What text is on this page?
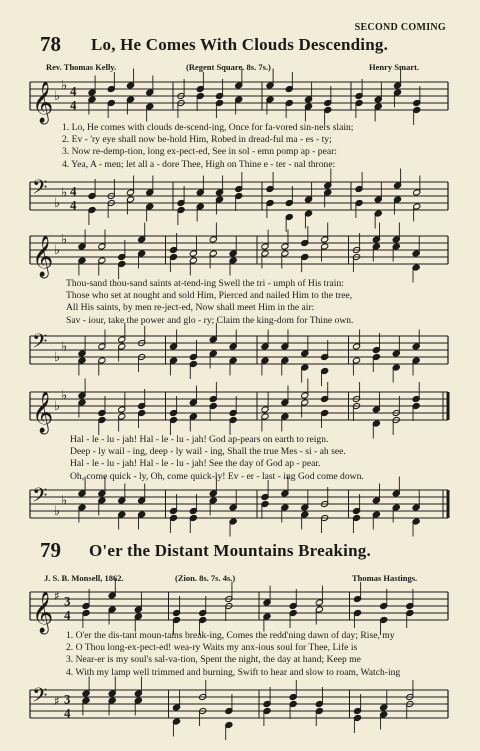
SECOND COMING
78 Lo, He Comes With Clouds Descending.
Rev. Thomas Kelly.	(Regent Square. 8s. 7s.)	Henry Smart.
𝄞 ♭
♭ 4
4
1. Lo, He comes with clouds de-scend-ing, Once for fa-vored sin-ners slain;
2. Ev - 'ry eye shall now be-hold Him, Robed in dread-ful ma - es - ty;
3. Now re-demp-tion, long ex-pect-ed, See in sol - emn pomp ap - pear:
4. Yea, A - men; let all a - dore Thee, High on Thine e - ter - nal throne:
𝄢
♭
♭ 4
4
𝄞 ♭
♭
Thou-sand thou-sand saints at-tend-ing Swell the tri - umph of His train:
Those who set at nought and sold Him, Pierced and nailed Him to the tree,
All His saints, by men re-ject-ed, Now shall meet Him in the air:
Sav - iour, take the power and glo - ry; Claim the king-dom for Thine own.
𝄢
♭
♭
𝄞 ♭
♭
Hal - le - lu - jah! Hal - le - lu - jah! God ap-pears on earth to reign.
Deep - ly wail - ing, deep - ly wail - ing, Shall the true Mes - si - ah see.
Hal - le - lu - jah! Hal - le - lu - jah! See the day of God ap - pear.
Oh, come quick - ly, Oh, come quick-ly! Ev - er - last - ing God come down.
𝄢
♭
♭
79 O'er the Distant Mountains Breaking.
J. S. B. Monsell, 1862.	(Zion. 8s. 7s. 4s.)	Thomas Hastings.
𝄞 ♯ 3
4
1. O'er the dis-tant moun-tains break-ing, Comes the redd'ning dawn of day; Rise, my
2. O Thou long-ex-pect-ed! wea-ry Waits my anx-ious soul for Thee, Life is
3. Near-er is my soul's sal-va-tion, Spent the night, the day at hand; Keep me
4. With my lamp well trimmed and burning, Swift to hear and slow to roam, Watch-ing
𝄢 ♯ 3
4
